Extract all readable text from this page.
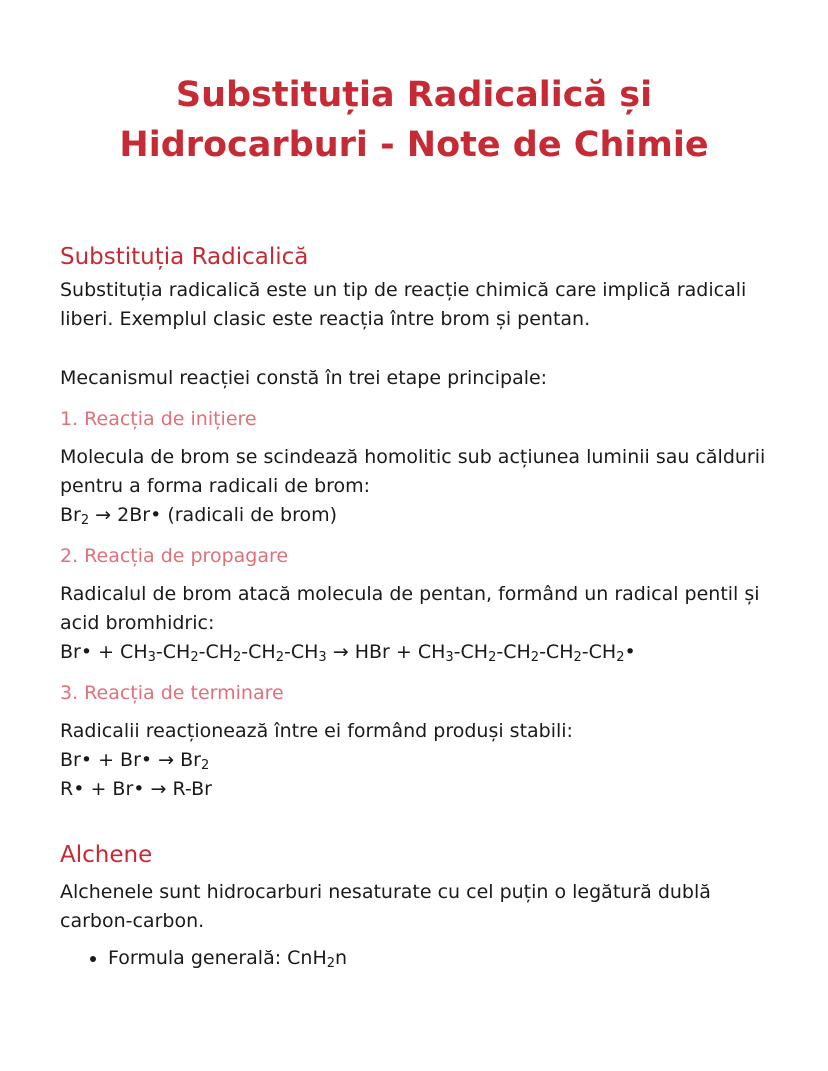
Substituția Radicalică și Hidrocarburi - Note de Chimie
Substituția Radicalică

Substituția radicalică este un tip de reacție chimică care implică radicali liberi. Exemplul clasic este reacția între brom și pentan.

Mecanismul reacției constă în trei etape principale:

1. Reacția de inițiere

Molecula de brom se scindează homolitic sub acțiunea luminii sau căldurii pentru a forma radicali de brom:

$Br_2$ → 2Br• (radicali de brom)

2. Reacția de propagare

Radicalul de brom atacă molecula de pentan, formând un radical pentil și acid bromhidric:

Br• + $CH_3-CH_2-CH_2-CH_2-CH_3$ → HBr + $CH_3-CH_2-CH_2-CH_2-CH_2•$

3. Reacția de terminare

Radicalii reacționează între ei formând produși stabili:

Br• + Br• → $Br_2$

R• + Br• → R-Br

Alchene

Alchenele sunt hidrocarburi nesaturate cu cel puțin o legătură dublă carbon-carbon.

• Formula generală: CnH$_2$n
